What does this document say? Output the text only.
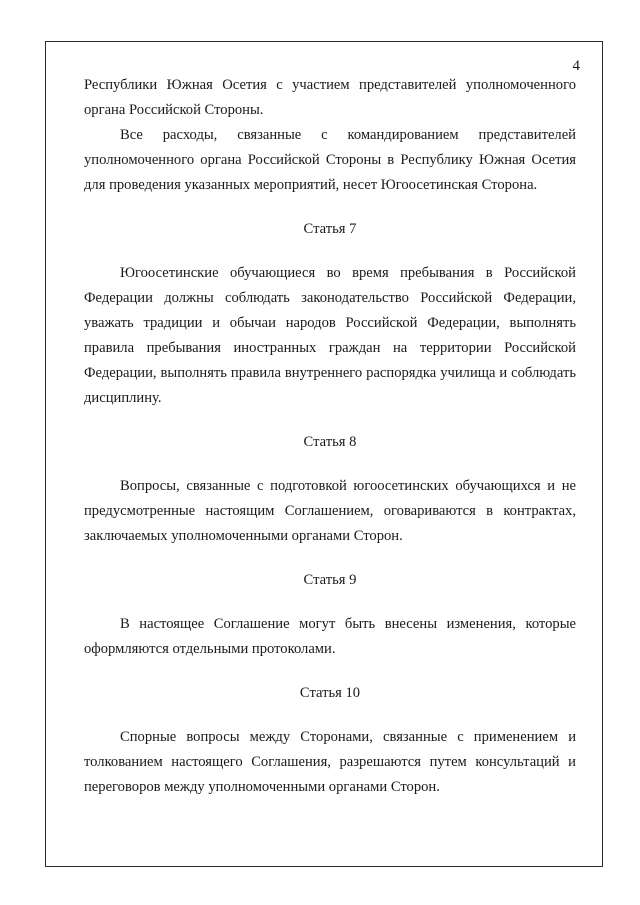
4

Республики Южная Осетия с участием представителей уполномоченного органа Российской Стороны.

Все расходы, связанные с командированием представителей уполномоченного органа Российской Стороны в Республику Южная Осетия для проведения указанных мероприятий, несет Югоосетинская Сторона.

Статья 7

Югоосетинские обучающиеся во время пребывания в Российской Федерации должны соблюдать законодательство Российской Федерации, уважать традиции и обычаи народов Российской Федерации, выполнять правила пребывания иностранных граждан на территории Российской Федерации, выполнять правила внутреннего распорядка училища и соблюдать дисциплину.

Статья 8

Вопросы, связанные с подготовкой югоосетинских обучающихся и не предусмотренные настоящим Соглашением, оговариваются в контрактах, заключаемых уполномоченными органами Сторон.

Статья 9

В настоящее Соглашение могут быть внесены изменения, которые оформляются отдельными протоколами.

Статья 10

Спорные вопросы между Сторонами, связанные с применением и толкованием настоящего Соглашения, разрешаются путем консультаций и переговоров между уполномоченными органами Сторон.
